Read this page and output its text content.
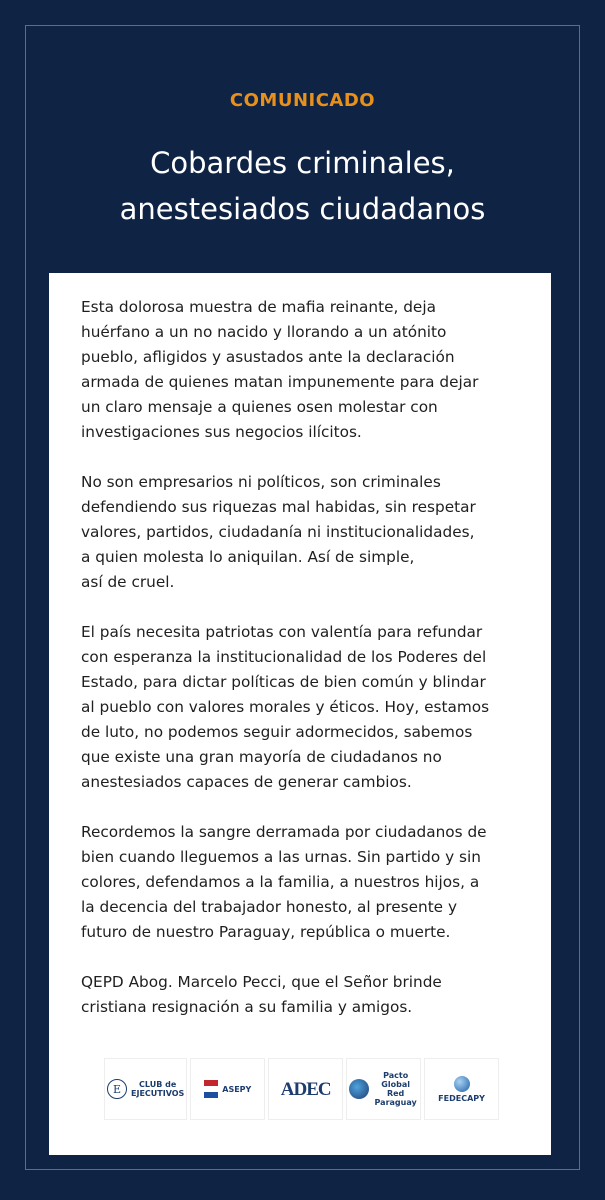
COMUNICADO
Cobardes criminales,
anestesiados ciudadanos

Esta dolorosa muestra de mafia reinante, deja
huérfano a un no nacido y llorando a un atónito
pueblo, afligidos y asustados ante la declaración
armada de quienes matan impunemente para dejar
un claro mensaje a quienes osen molestar con
investigaciones sus negocios ilícitos.

No son empresarios ni políticos, son criminales
defendiendo sus riquezas mal habidas, sin respetar
valores, partidos, ciudadanía ni institucionalidades,
a quien molesta lo aniquilan. Así de simple,
así de cruel.

El país necesita patriotas con valentía para refundar
con esperanza la institucionalidad de los Poderes del
Estado, para dictar políticas de bien común y blindar
al pueblo con valores morales y éticos. Hoy, estamos
de luto, no podemos seguir adormecidos, sabemos
que existe una gran mayoría de ciudadanos no
anestesiados capaces de generar cambios.

Recordemos la sangre derramada por ciudadanos de
bien cuando lleguemos a las urnas. Sin partido y sin
colores, defendamos a la familia, a nuestros hijos, a
la decencia del trabajador honesto, al presente y
futuro de nuestro Paraguay, república o muerte.

QEPD Abog. Marcelo Pecci, que el Señor brinde
cristiana resignación a su familia y amigos.

E	CLUB de EJECUTIVOS	ASEPY ADEC
Pacto Global Red Paraguay	FEDECAPY
